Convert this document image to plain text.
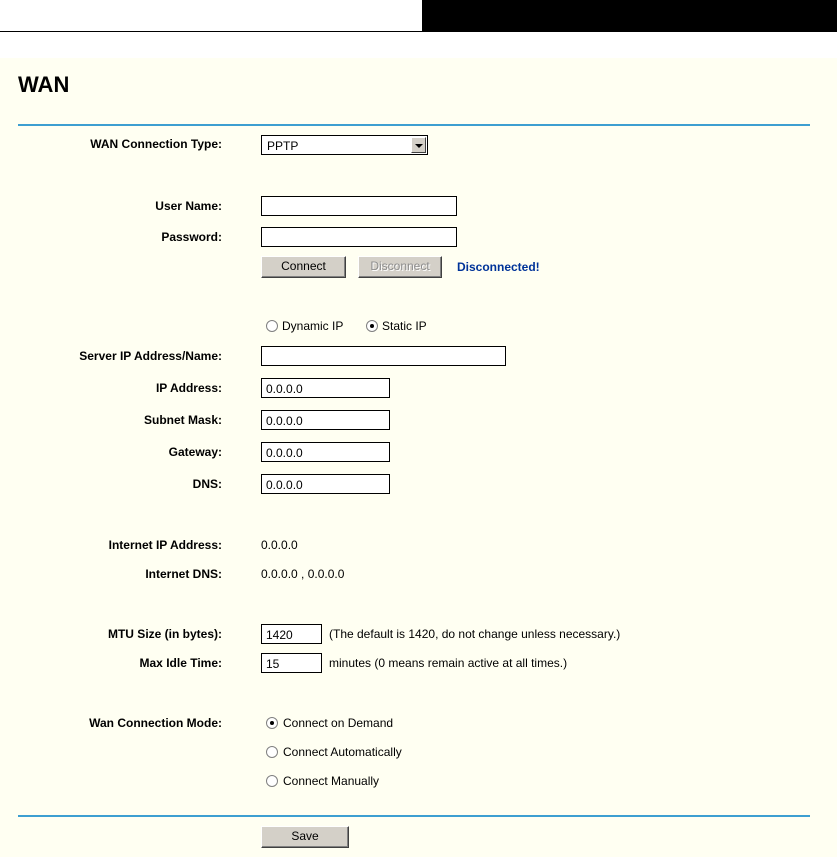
WAN
WAN Connection Type:	PPTP
User Name:
Password:
Connect	Disconnect	Disconnected!
Dynamic IP	Static IP
Server IP Address/Name:
IP Address:	0.0.0.0
Subnet Mask:	0.0.0.0
Gateway:	0.0.0.0
DNS:	0.0.0.0
Internet IP Address:	0.0.0.0
Internet DNS:	0.0.0.0 , 0.0.0.0
MTU Size (in bytes):	1420	(The default is 1420, do not change unless necessary.)
Max Idle Time:	15	minutes (0 means remain active at all times.)
Wan Connection Mode:	Connect on Demand
Connect Automatically
Connect Manually
Save
